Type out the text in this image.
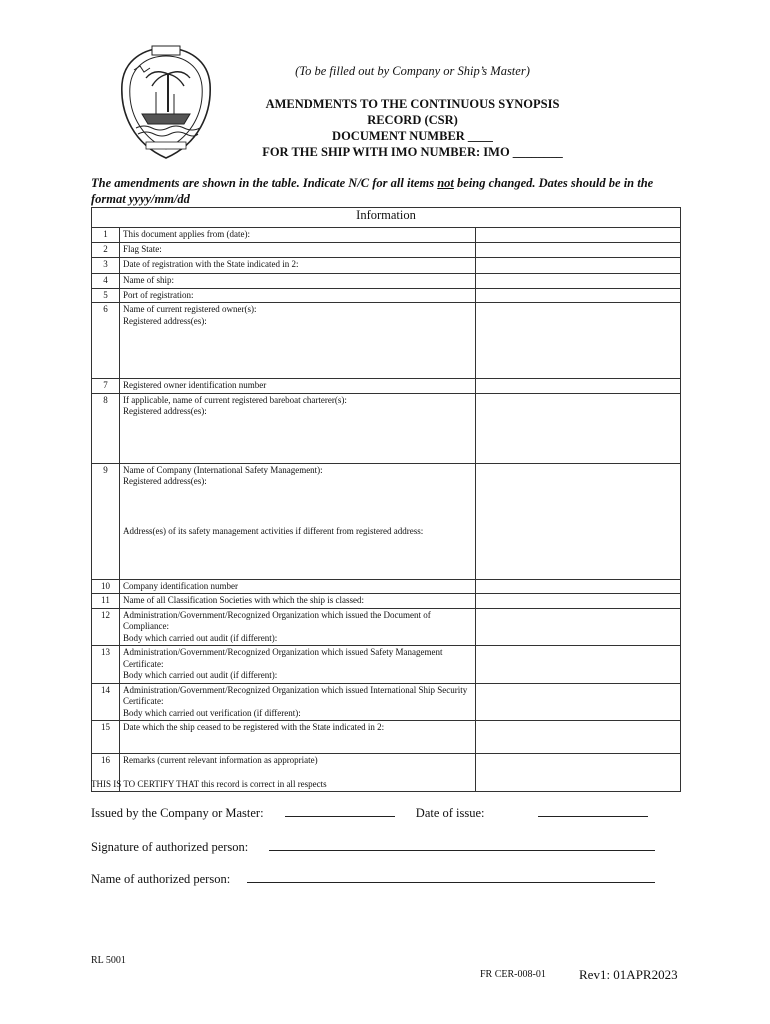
(To be filled out by Company or Ship’s Master)
AMENDMENTS TO THE CONTINUOUS SYNOPSIS
RECORD (CSR)
DOCUMENT NUMBER ____
FOR THE SHIP WITH IMO NUMBER: IMO ________
The amendments are shown in the table. Indicate N/C for all items not being changed. Dates should be in the format yyyy/mm/dd
Information		
1	This document applies from (date):	

2	Flag State:	

3	Date of registration with the State indicated in 2:	

4	Name of ship:	

5	Port of registration:	

6	Name of current registered owner(s):
Registered address(es):	

7	Registered owner identification number	

8	If applicable, name of current registered bareboat charterer(s):
Registered address(es):	

9	Name of Company (International Safety Management):
Registered address(es):
Address(es) of its safety management activities if different from registered address:	

10	Company identification number	

11	Name of all Classification Societies with which the ship is classed:	

12	Administration/Government/Recognized Organization which issued the Document of Compliance:
Body which carried out audit (if different):	

13	Administration/Government/Recognized Organization which issued Safety Management Certificate:
Body which carried out audit (if different):	

14	Administration/Government/Recognized Organization which issued International Ship Security Certificate:
Body which carried out verification (if different):	

15	Date which the ship ceased to be registered with the State indicated in 2:	

16	Remarks (current relevant information as appropriate)	

THIS IS TO CERTIFY THAT this record is correct in all respects
Issued by the Company or Master:	Date of issue:
Signature of authorized person:
Name of authorized person:
RL 5001
FR CER-008-01	Rev1: 01APR2023
